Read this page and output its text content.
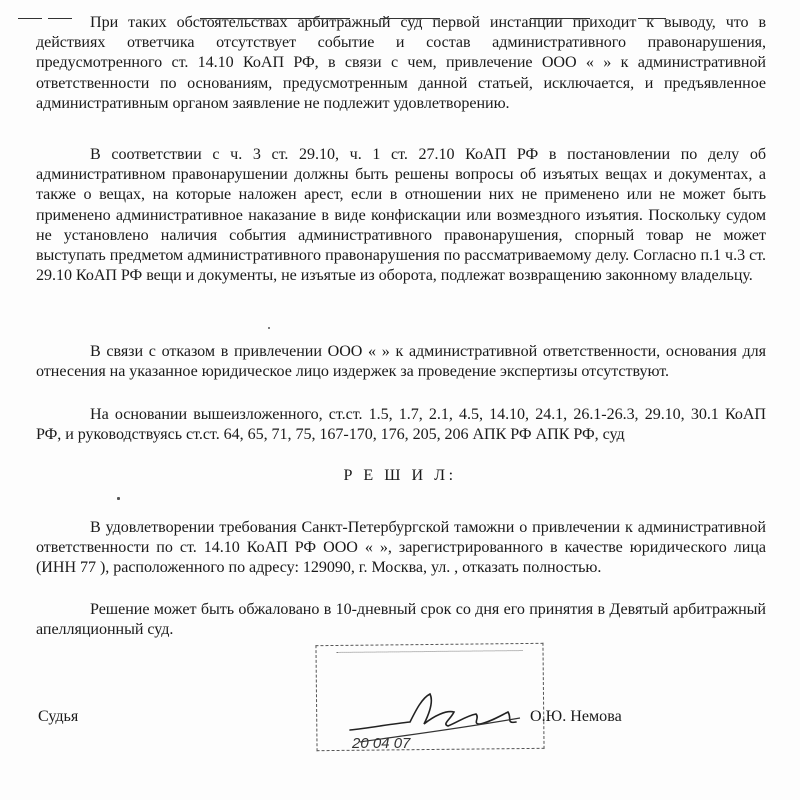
При таких обстоятельствах арбитражный суд первой инстанции приходит к выводу, что в действиях ответчика отсутствует событие и состав административного правонарушения, предусмотренного ст. 14.10 КоАП РФ, в связи с чем, привлечение ООО « » к административной ответственности по основаниям, предусмотренным данной статьей, исключается, и предъявленное административным органом заявление не подлежит удовлетворению.

В соответствии с ч. 3 ст. 29.10, ч. 1 ст. 27.10 КоАП РФ в постановлении по делу об административном правонарушении должны быть решены вопросы об изъятых вещах и документах, а также о вещах, на которые наложен арест, если в отношении них не применено или не может быть применено административное наказание в виде конфискации или возмездного изъятия. Поскольку судом не установлено наличия события административного правонарушения, спорный товар не может выступать предметом административного правонарушения по рассматриваемому делу. Согласно п.1 ч.3 ст. 29.10 КоАП РФ вещи и документы, не изъятые из оборота, подлежат возвращению законному владельцу.

В связи с отказом в привлечении ООО « » к административной ответственности, основания для отнесения на указанное юридическое лицо издержек за проведение экспертизы отсутствуют.

На основании вышеизложенного, ст.ст. 1.5, 1.7, 2.1, 4.5, 14.10, 24.1, 26.1-26.3, 29.10, 30.1 КоАП РФ, и руководствуясь ст.ст. 64, 65, 71, 75, 167-170, 176, 205, 206 АПК РФ АПК РФ, суд

Р Е Ш И Л:

В удовлетворении требования Санкт-Петербургской таможни о привлечении к административной ответственности по ст. 14.10 КоАП РФ ООО « », зарегистрированного в качестве юридического лица (ИНН 77 ), расположенного по адресу: 129090, г. Москва, ул. , отказать полностью.

Решение может быть обжаловано в 10-дневный срок со дня его принятия в Девятый арбитражный апелляционный суд.

20 04 07
Судья	О.Ю. Немова
